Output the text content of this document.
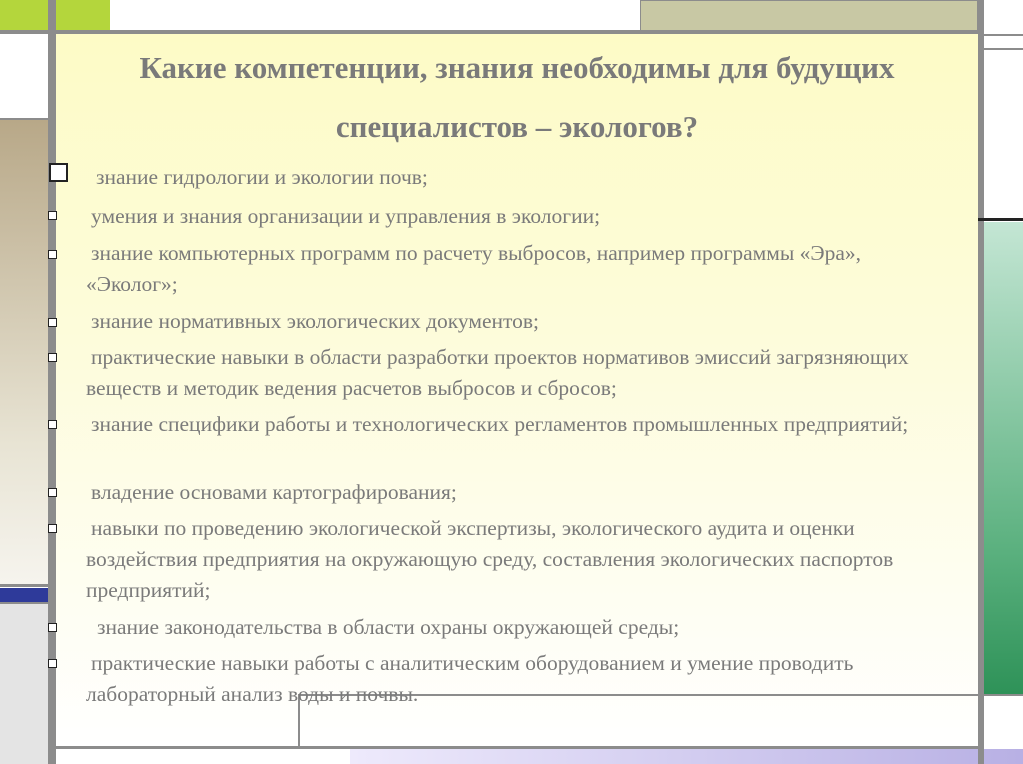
Какие компетенции, знания необходимы для будущих специалистов – экологов?
знание гидрологии и экологии почв;
умения и знания организации и управления в экологии;
знание компьютерных программ по расчету выбросов, например программы «Эра», «Эколог»;
знание нормативных экологических документов;
практические навыки в области разработки проектов нормативов эмиссий загрязняющих веществ и методик ведения расчетов выбросов и сбросов;
знание специфики работы и технологических регламентов промышленных предприятий;
владение основами картографирования;
навыки по проведению экологической экспертизы, экологического аудита и оценки воздействия предприятия на окружающую среду, составления экологических паспортов предприятий;
знание законодательства в области охраны окружающей среды;
практические навыки работы с аналитическим оборудованием и умение проводить лабораторный анализ воды и почвы.
